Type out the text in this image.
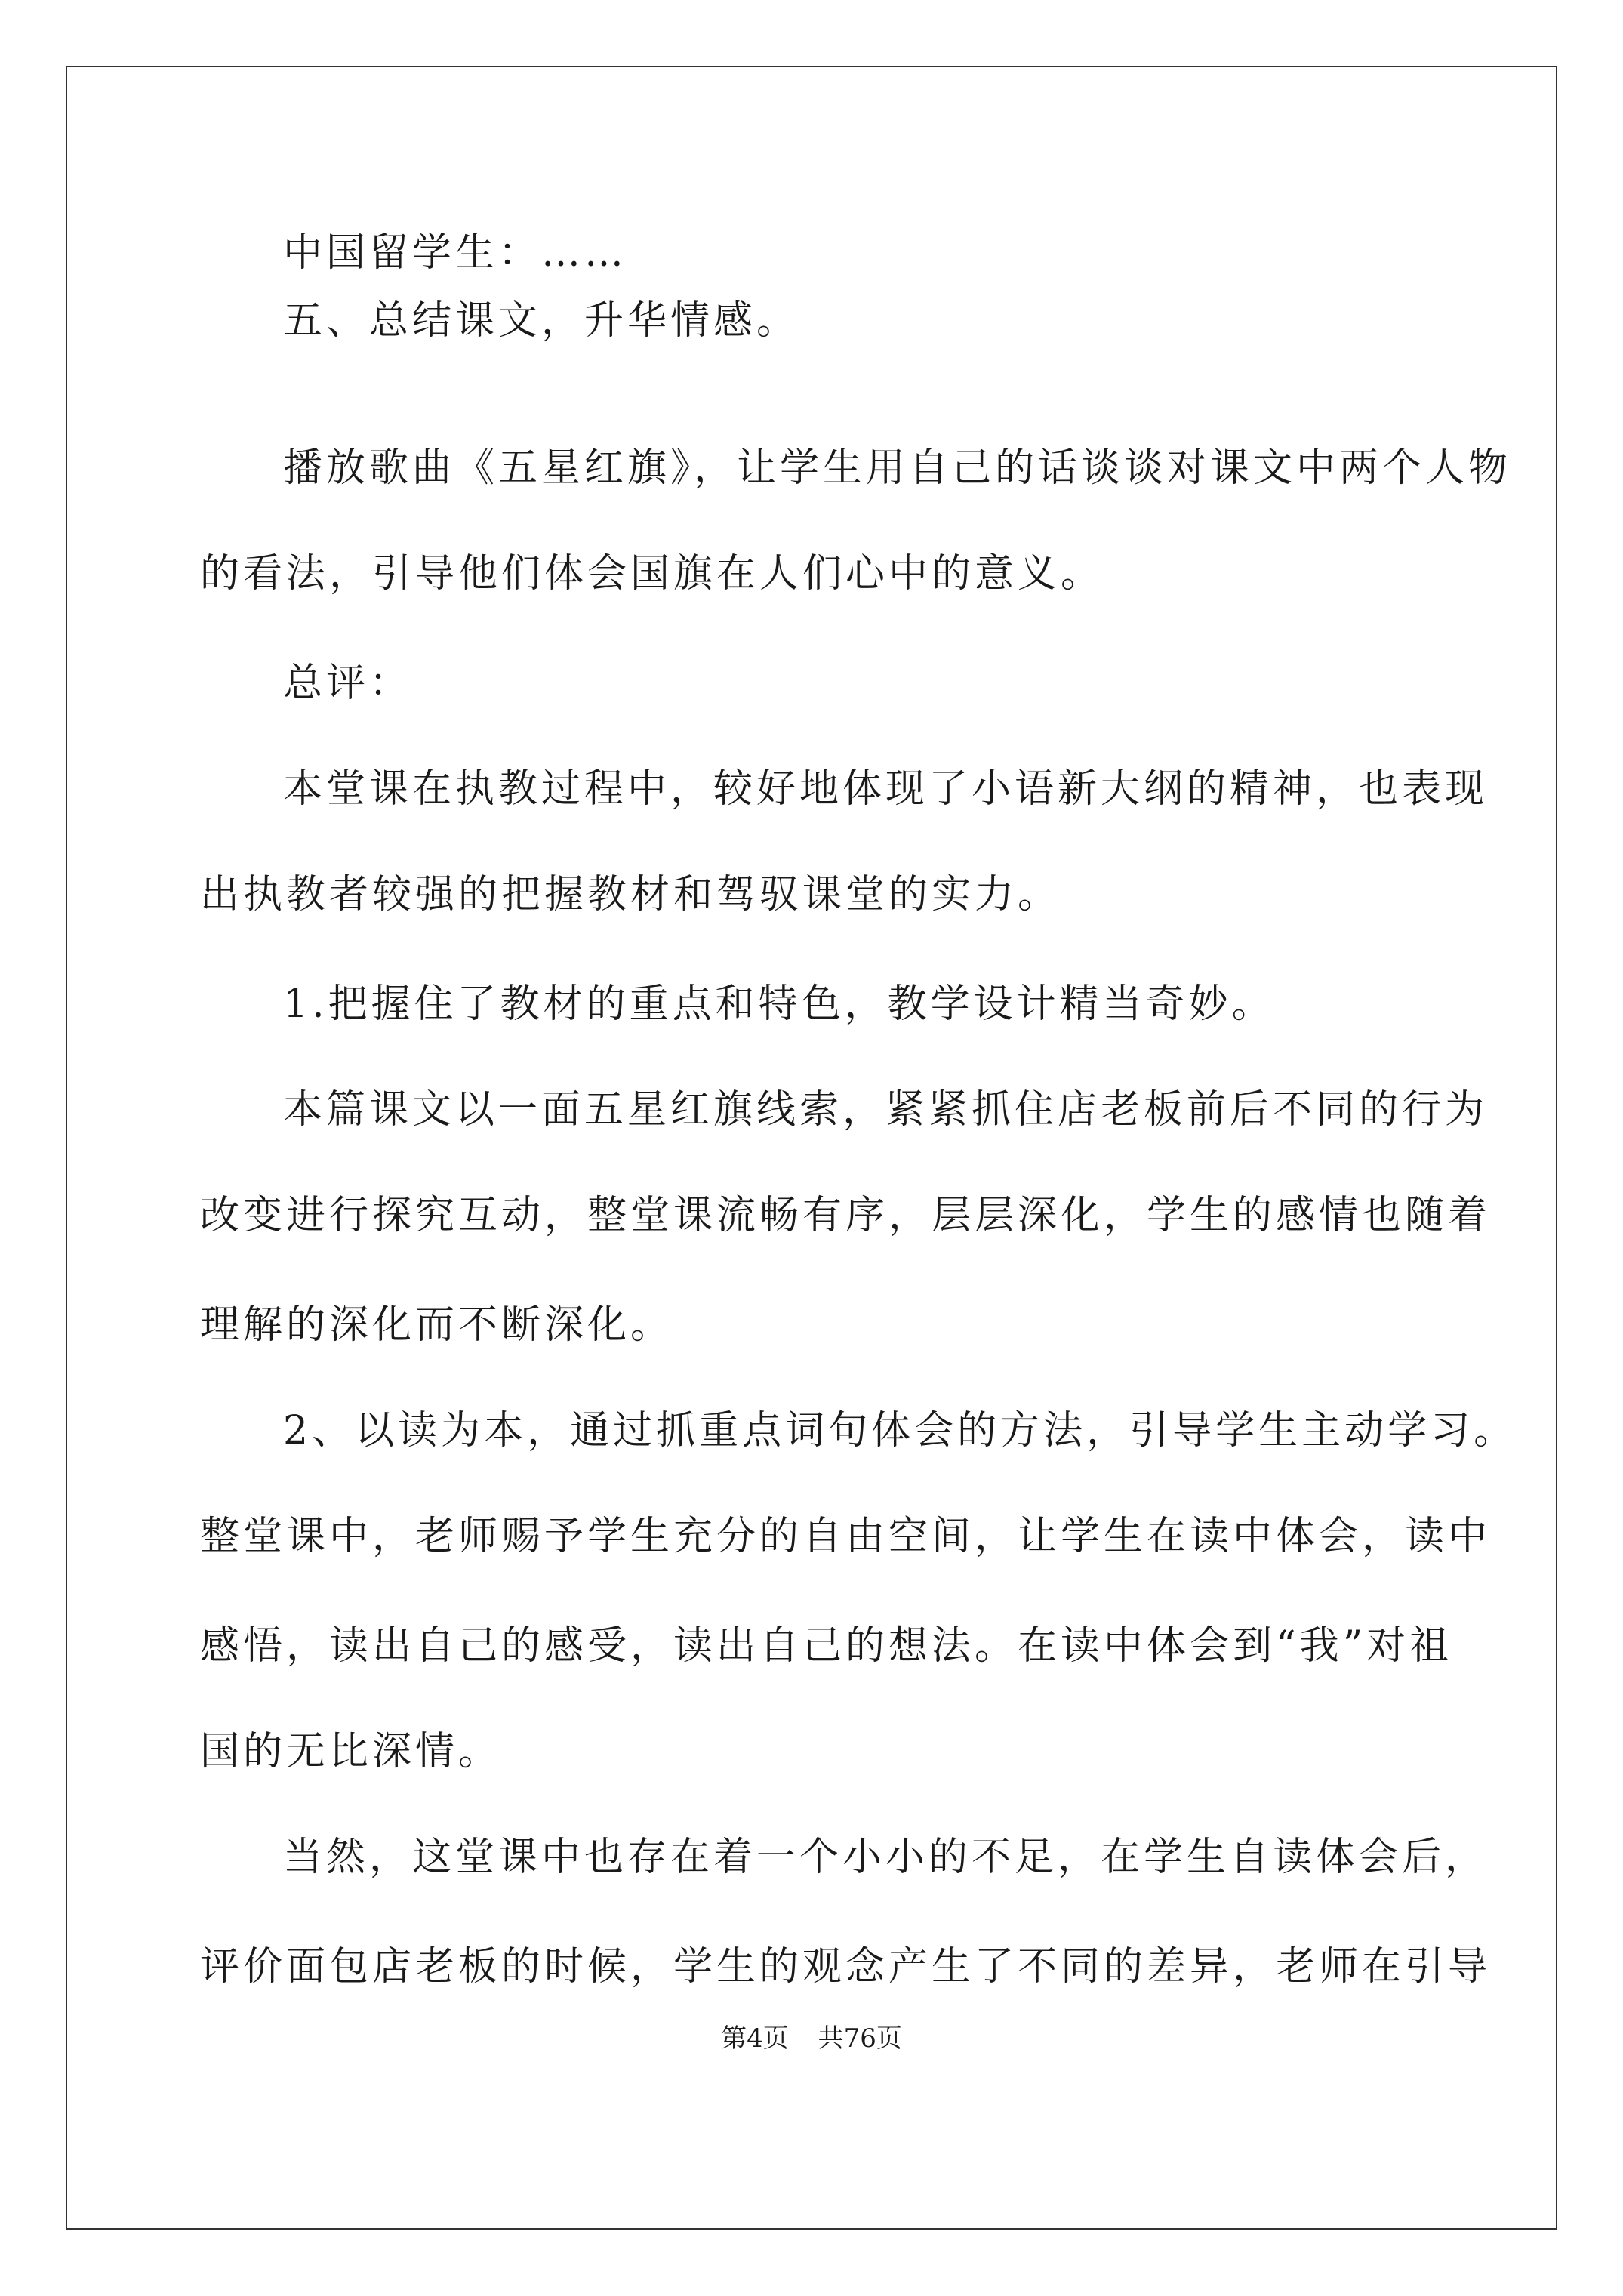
中国留学生：……
五、总结课文，升华情感。
播放歌曲《五星红旗》，让学生用自己的话谈谈对课文中两个人物
的看法，引导他们体会国旗在人们心中的意义。
总评：
本堂课在执教过程中，较好地体现了小语新大纲的精神，也表现
出执教者较强的把握教材和驾驭课堂的实力。
1.把握住了教材的重点和特色，教学设计精当奇妙。
本篇课文以一面五星红旗线索，紧紧抓住店老板前后不同的行为
改变进行探究互动，整堂课流畅有序，层层深化，学生的感情也随着
理解的深化而不断深化。
2、以读为本，通过抓重点词句体会的方法，引导学生主动学习。
整堂课中，老师赐予学生充分的自由空间，让学生在读中体会，读中
感悟，读出自己的感受，读出自己的想法。在读中体会到“我”对祖
国的无比深情。
当然，这堂课中也存在着一个小小的不足，在学生自读体会后，
评价面包店老板的时候，学生的观念产生了不同的差异，老师在引导
第4页 共76页
